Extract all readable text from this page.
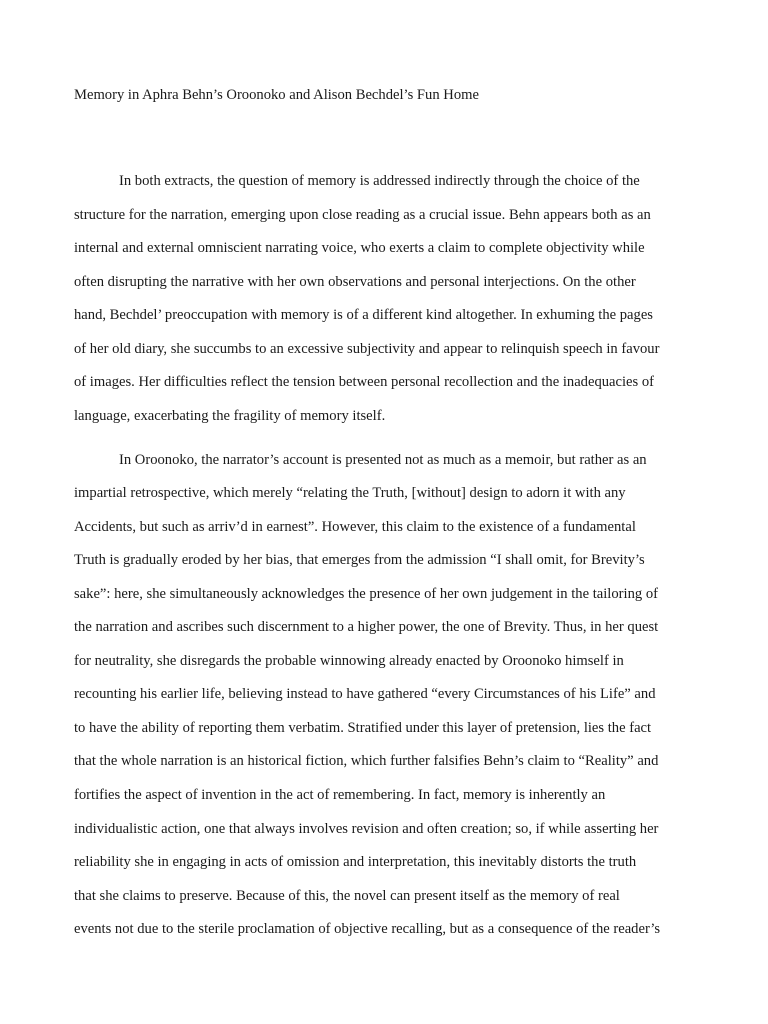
Memory in Aphra Behn’s Oroonoko and Alison Bechdel’s Fun Home
In both extracts, the question of memory is addressed indirectly through the choice of the
structure for the narration, emerging upon close reading as a crucial issue. Behn appears both as an
internal and external omniscient narrating voice, who exerts a claim to complete objectivity while
often disrupting the narrative with her own observations and personal interjections. On the other
hand, Bechdel’ preoccupation with memory is of a different kind altogether. In exhuming the pages
of her old diary, she succumbs to an excessive subjectivity and appear to relinquish speech in favour
of images. Her difficulties reflect the tension between personal recollection and the inadequacies of
language, exacerbating the fragility of memory itself.
In Oroonoko, the narrator’s account is presented not as much as a memoir, but rather as an
impartial retrospective, which merely “relating the Truth, [without] design to adorn it with any
Accidents, but such as arriv’d in earnest”. However, this claim to the existence of a fundamental
Truth is gradually eroded by her bias, that emerges from the admission “I shall omit, for Brevity’s
sake”: here, she simultaneously acknowledges the presence of her own judgement in the tailoring of
the narration and ascribes such discernment to a higher power, the one of Brevity. Thus, in her quest
for neutrality, she disregards the probable winnowing already enacted by Oroonoko himself in
recounting his earlier life, believing instead to have gathered “every Circumstances of his Life” and
to have the ability of reporting them verbatim. Stratified under this layer of pretension, lies the fact
that the whole narration is an historical fiction, which further falsifies Behn’s claim to “Reality” and
fortifies the aspect of invention in the act of remembering. In fact, memory is inherently an
individualistic action, one that always involves revision and often creation; so, if while asserting her
reliability she in engaging in acts of omission and interpretation, this inevitably distorts the truth
that she claims to preserve. Because of this, the novel can present itself as the memory of real
events not due to the sterile proclamation of objective recalling, but as a consequence of the reader’s
